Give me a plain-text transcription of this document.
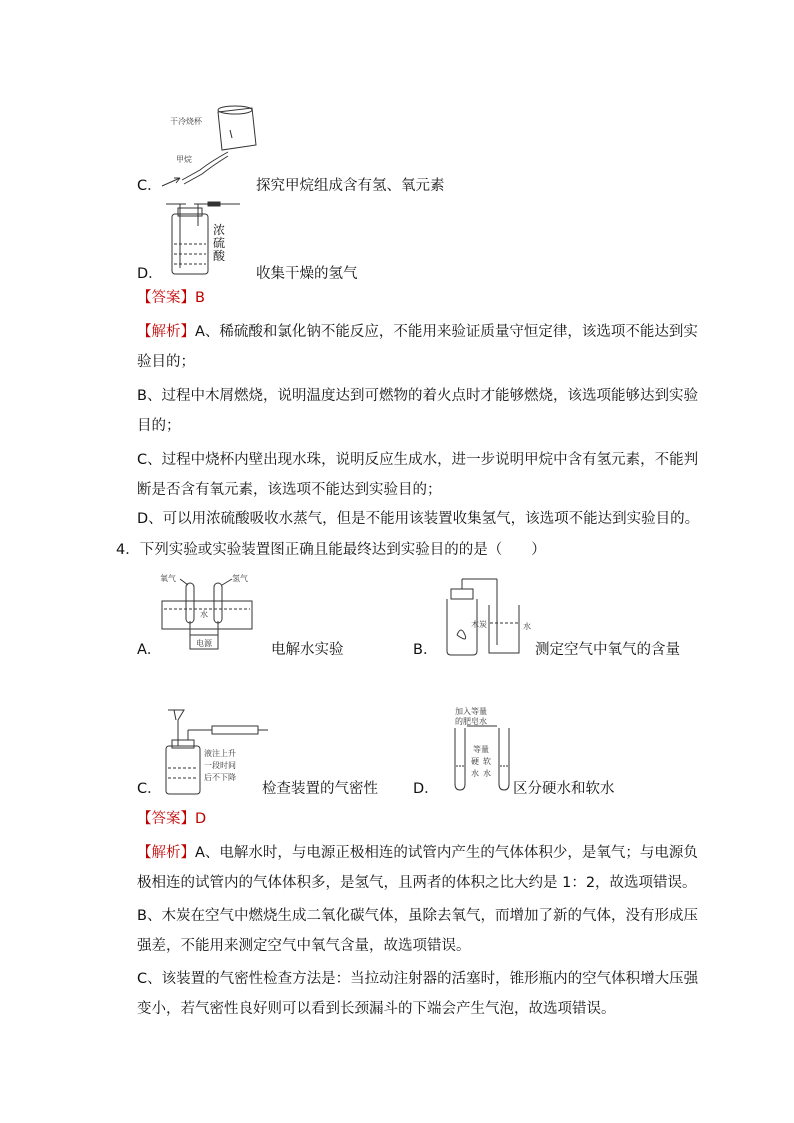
干冷烧杯
甲烷
C．	探究甲烷组成含有氢、氧元素
浓硫酸
D．	收集干燥的氢气
【答案】B
【解析】A、稀硫酸和氯化钠不能反应，不能用来验证质量守恒定律，该选项不能达到实
验目的；
B、过程中木屑燃烧，说明温度达到可燃物的着火点时才能够燃烧，该选项能够达到实验
目的；
C、过程中烧杯内壁出现水珠，说明反应生成水，进一步说明甲烷中含有氢元素，不能判
断是否含有氧元素，该选项不能达到实验目的；
D、可以用浓硫酸吸收水蒸气，但是不能用该装置收集氢气，该选项不能达到实验目的。
4．下列实验或实验装置图正确且能最终达到实验目的的是（　　）
氧气	氢气
水
电源
A．	电解水实验
木炭	水
B．	测定空气中氧气的含量
液注上升
一段时间
后不下降
C．	检查装置的气密性
加入等量
的肥皂水
等量
硬 软
水 水
D．	区分硬水和软水
【答案】D
【解析】A、电解水时，与电源正极相连的试管内产生的气体体积少，是氧气；与电源负
极相连的试管内的气体体积多，是氢气，且两者的体积之比大约是 1：2，故选项错误。
B、木炭在空气中燃烧生成二氧化碳气体，虽除去氧气，而增加了新的气体，没有形成压
强差，不能用来测定空气中氧气含量，故选项错误。
C、该装置的气密性检查方法是：当拉动注射器的活塞时，锥形瓶内的空气体积增大压强
变小，若气密性良好则可以看到长颈漏斗的下端会产生气泡，故选项错误。
